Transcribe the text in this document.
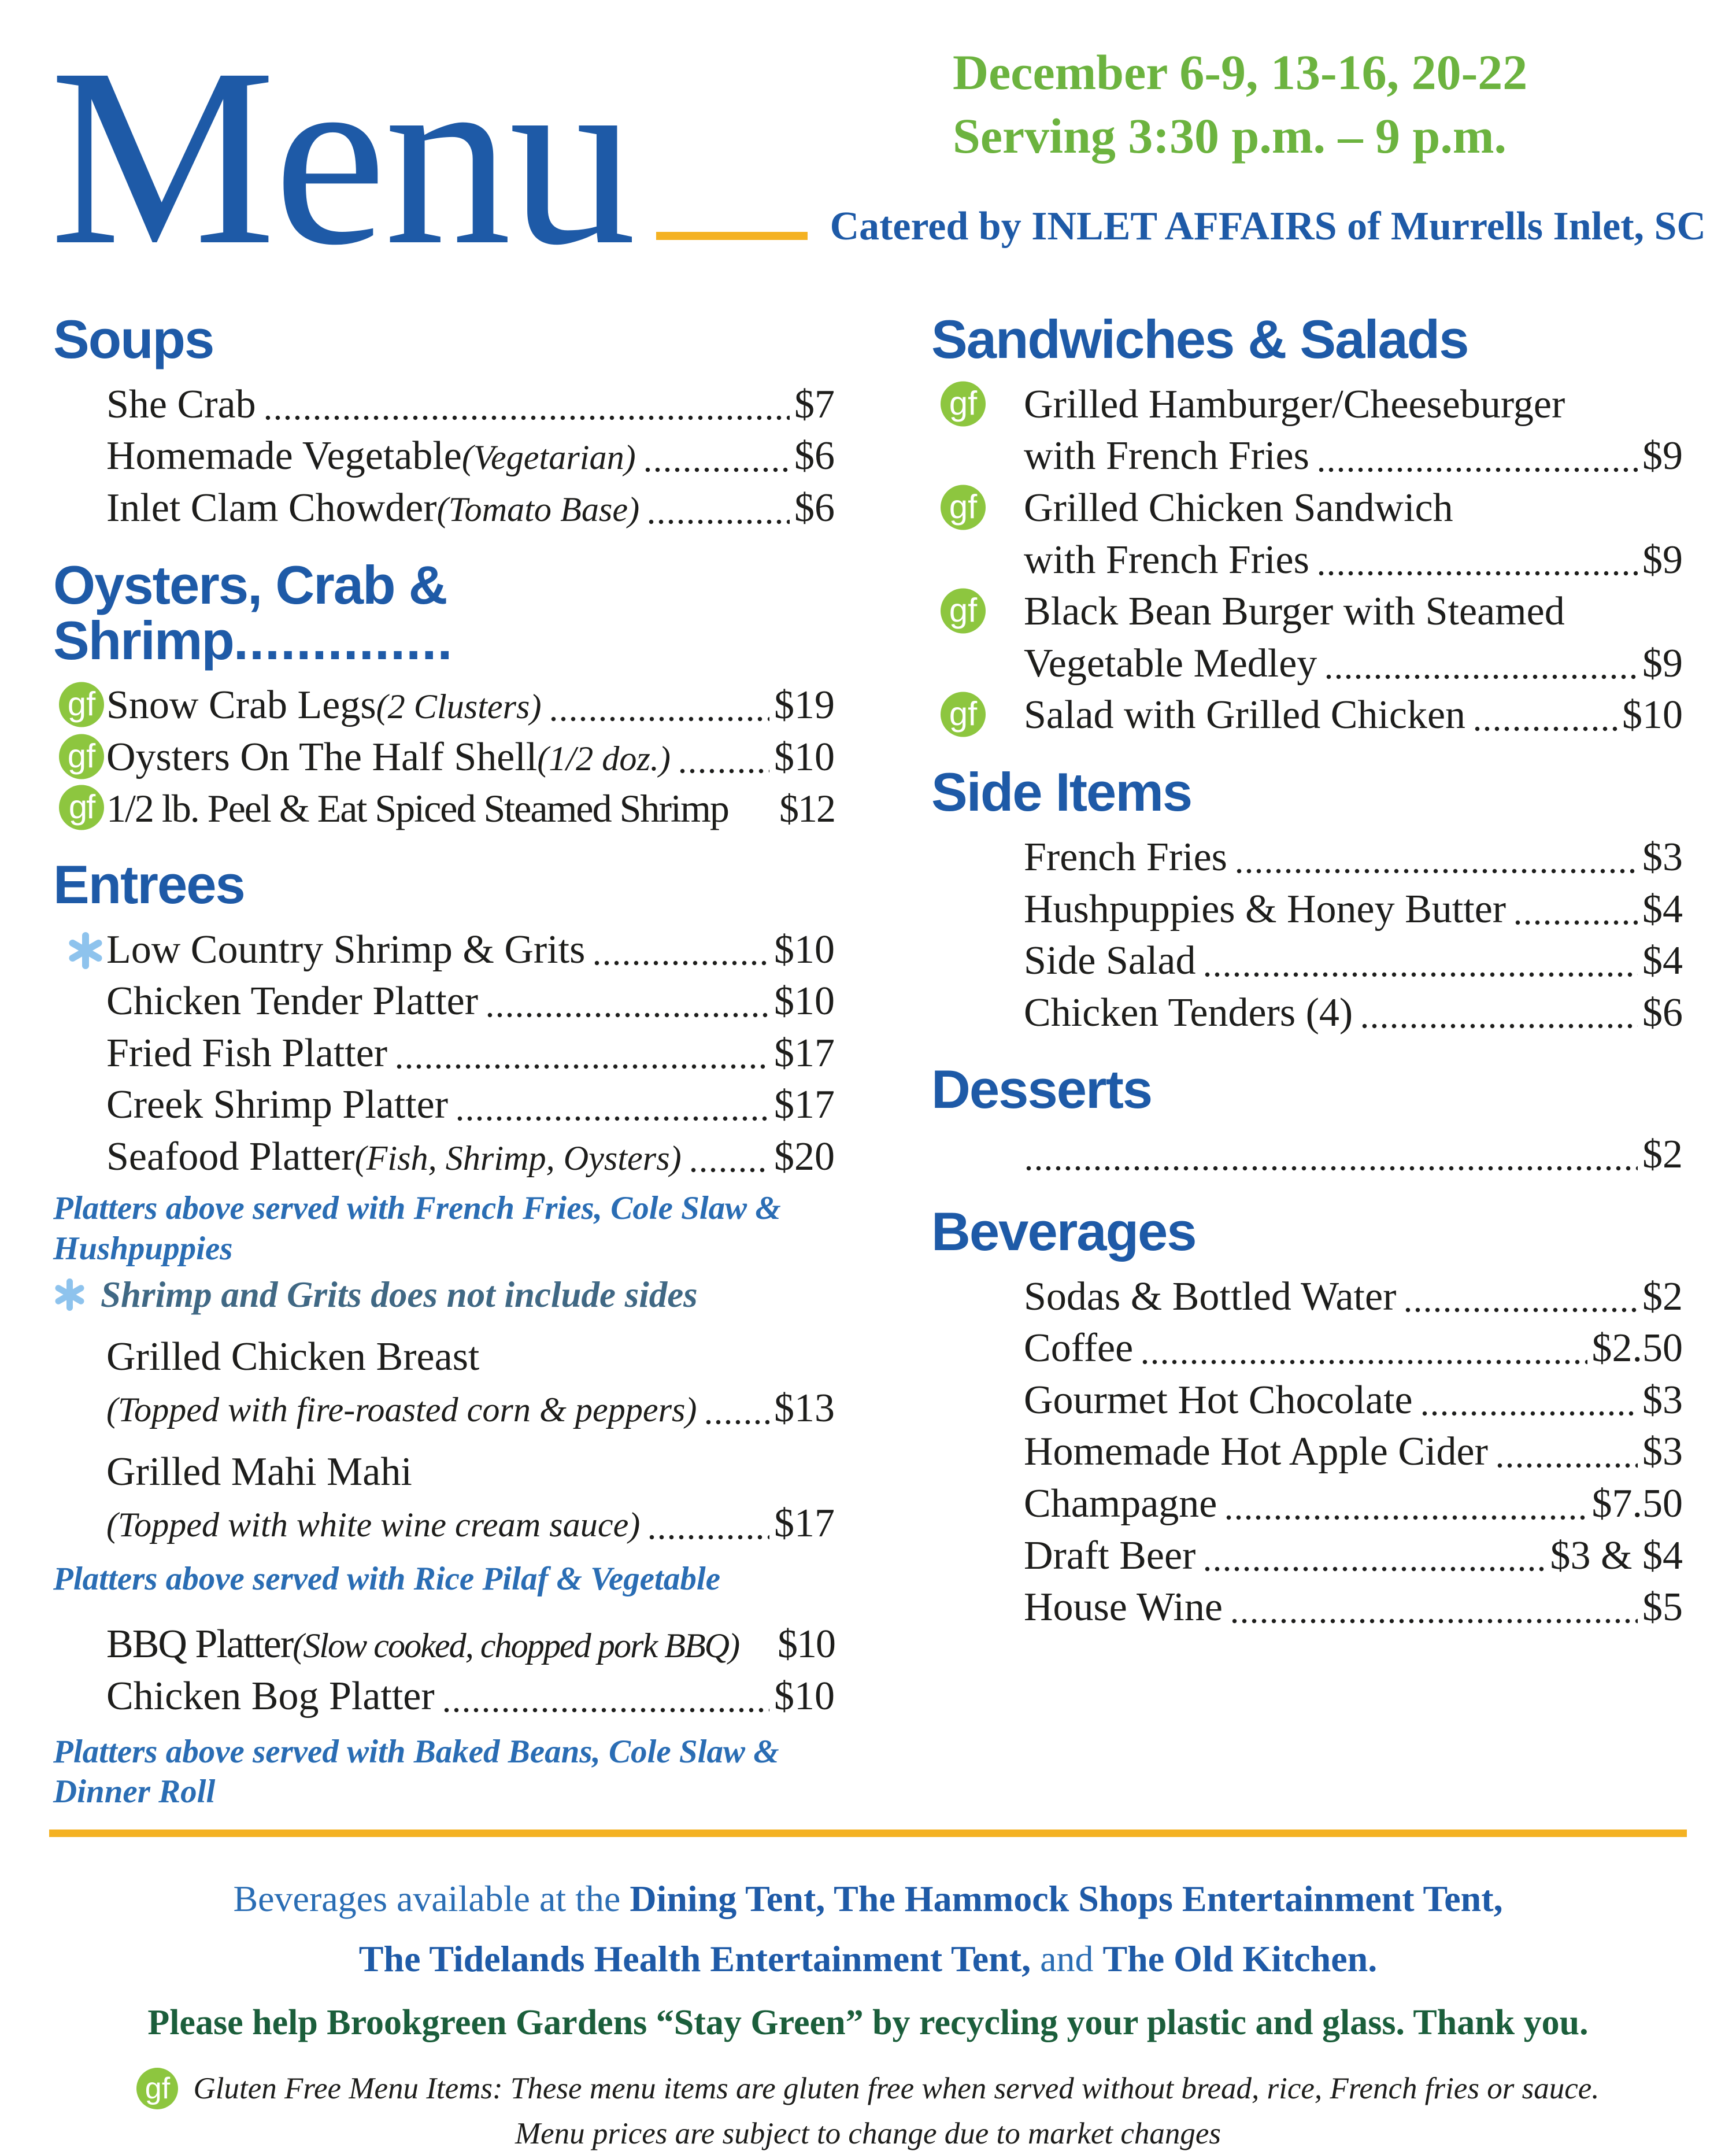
Menu	December 6-9, 13-16, 20-22
Serving 3:30 p.m. – 9 p.m.
Catered by INLET AFFAIRS of Murrells Inlet, SC
Soups
She Crab	$7
Homemade Vegetable (Vegetarian)	$6
Inlet Clam Chowder (Tomato Base)	$6
Oysters, Crab & Shrimp..............
gf Snow Crab Legs (2 Clusters)	$19
gf Oysters On The Half Shell (1/2 doz.)	$10
gf 1/2 lb. Peel & Eat Spiced Steamed Shrimp $12
Entrees
Low Country Shrimp & Grits	$10
Chicken Tender Platter	$10
Fried Fish Platter	$17
Creek Shrimp Platter	$17
Seafood Platter (Fish, Shrimp, Oysters) $20
Platters above served with French Fries, Cole Slaw & Hushpuppies
Shrimp and Grits does not include sides
Grilled Chicken Breast
(Topped with fire-roasted corn & peppers) $13
Grilled Mahi Mahi
(Topped with white wine cream sauce)	$17
Platters above served with Rice Pilaf & Vegetable
BBQ Platter (Slow cooked, chopped pork BBQ) $10
Chicken Bog Platter	$10
Platters above served with Baked Beans, Cole Slaw & Dinner Roll
Sandwiches & Salads
gf Grilled Hamburger/Cheeseburger
with French Fries	$9
gf Grilled Chicken Sandwich
with French Fries	$9
gf Black Bean Burger with Steamed
Vegetable Medley	$9
gf Salad with Grilled Chicken	$10
Side Items
French Fries	$3
Hushpuppies & Honey Butter	$4
Side Salad	$4
Chicken Tenders (4)	$6
Desserts
$2
Beverages
Sodas & Bottled Water	$2
Coffee	$2.50
Gourmet Hot Chocolate	$3
Homemade Hot Apple Cider	$3
Champagne	$7.50
Draft Beer	$3 & $4
House Wine	$5
Beverages available at the Dining Tent, The Hammock Shops Entertainment Tent,
The Tidelands Health Entertainment Tent, and The Old Kitchen.
Please help Brookgreen Gardens “Stay Green” by recycling your plastic and glass. Thank you.
gf Gluten Free Menu Items: These menu items are gluten free when served without bread, rice, French fries or sauce.
Menu prices are subject to change due to market changes
